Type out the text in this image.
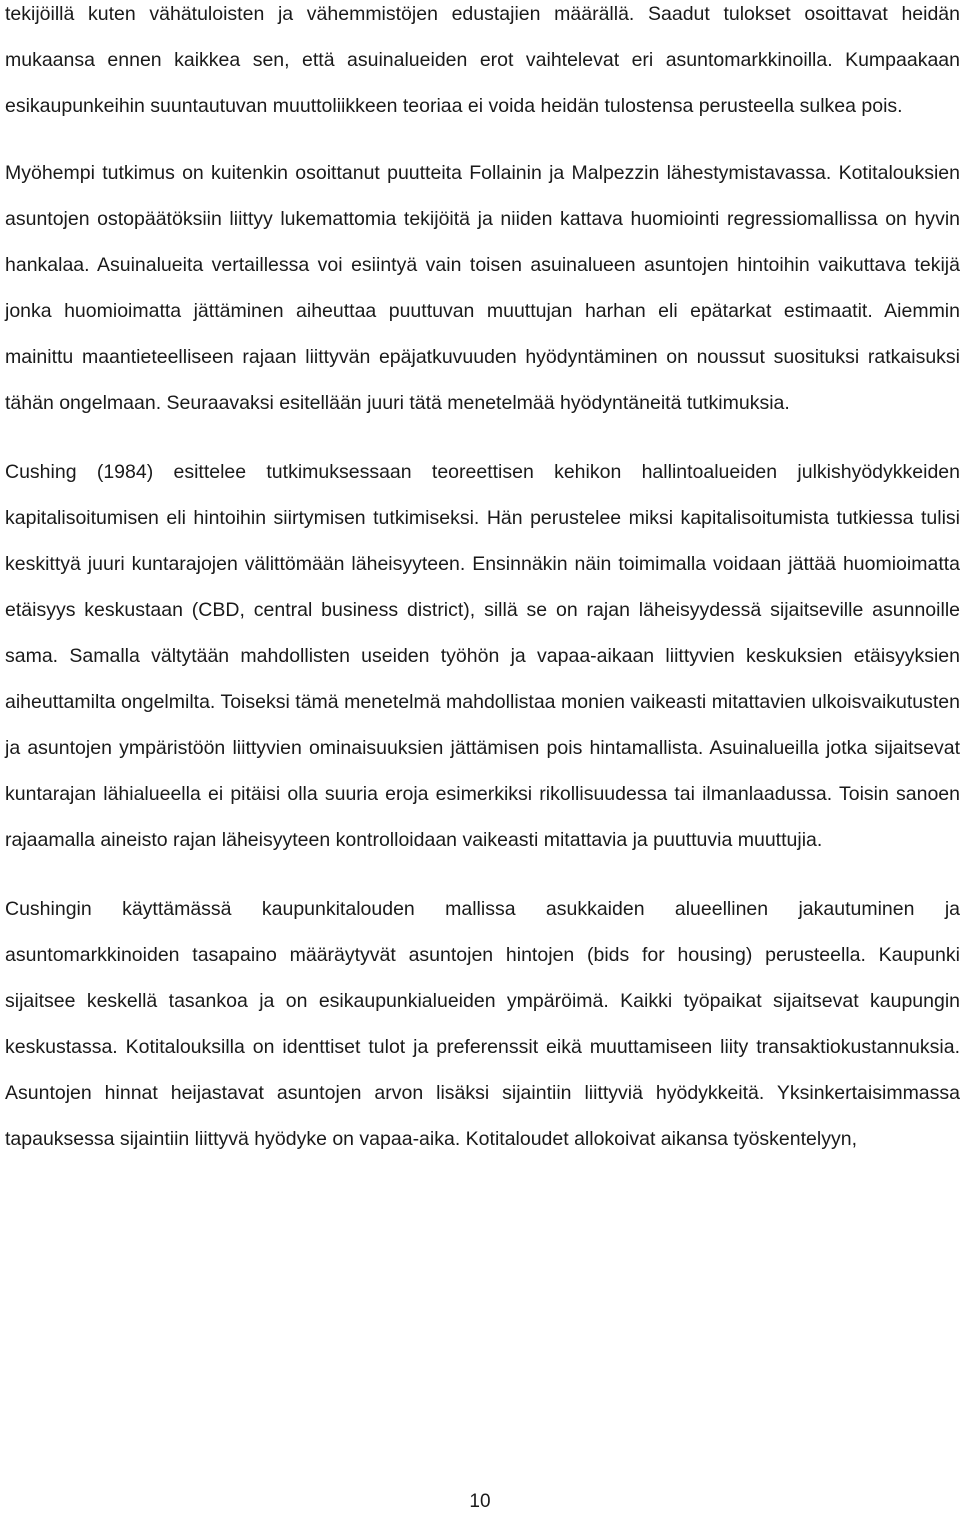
tekijöillä kuten vähätuloisten ja vähemmistöjen edustajien määrällä. Saadut tulokset osoittavat heidän mukaansa ennen kaikkea sen, että asuinalueiden erot vaihtelevat eri asuntomarkkinoilla. Kumpaakaan esikaupunkeihin suuntautuvan muuttoliikkeen teoriaa ei voida heidän tulostensa perusteella sulkea pois.

Myöhempi tutkimus on kuitenkin osoittanut puutteita Follainin ja Malpezzin lähestymistavassa. Kotitalouksien asuntojen ostopäätöksiin liittyy lukemattomia tekijöitä ja niiden kattava huomiointi regressiomallissa on hyvin hankalaa. Asuinalueita vertaillessa voi esiintyä vain toisen asuinalueen asuntojen hintoihin vaikuttava tekijä jonka huomioimatta jättäminen aiheuttaa puuttuvan muuttujan harhan eli epätarkat estimaatit. Aiemmin mainittu maantieteelliseen rajaan liittyvän epäjatkuvuuden hyödyntäminen on noussut suosituksi ratkaisuksi tähän ongelmaan. Seuraavaksi esitellään juuri tätä menetelmää hyödyntäneitä tutkimuksia.

Cushing (1984) esittelee tutkimuksessaan teoreettisen kehikon hallintoalueiden julkishyödykkeiden kapitalisoitumisen eli hintoihin siirtymisen tutkimiseksi. Hän perustelee miksi kapitalisoitumista tutkiessa tulisi keskittyä juuri kuntarajojen välittömään läheisyyteen. Ensinnäkin näin toimimalla voidaan jättää huomioimatta etäisyys keskustaan (CBD, central business district), sillä se on rajan läheisyydessä sijaitseville asunnoille sama. Samalla vältytään mahdollisten useiden työhön ja vapaa-aikaan liittyvien keskuksien etäisyyksien aiheuttamilta ongelmilta. Toiseksi tämä menetelmä mahdollistaa monien vaikeasti mitattavien ulkoisvaikutusten ja asuntojen ympäristöön liittyvien ominaisuuksien jättämisen pois hintamallista. Asuinalueilla jotka sijaitsevat kuntarajan lähialueella ei pitäisi olla suuria eroja esimerkiksi rikollisuudessa tai ilmanlaadussa. Toisin sanoen rajaamalla aineisto rajan läheisyyteen kontrolloidaan vaikeasti mitattavia ja puuttuvia muuttujia.

Cushingin käyttämässä kaupunkitalouden mallissa asukkaiden alueellinen jakautuminen ja asuntomarkkinoiden tasapaino määräytyvät asuntojen hintojen (bids for housing) perusteella. Kaupunki sijaitsee keskellä tasankoa ja on esikaupunkialueiden ympäröimä. Kaikki työpaikat sijaitsevat kaupungin keskustassa. Kotitalouksilla on identtiset tulot ja preferenssit eikä muuttamiseen liity transaktiokustannuksia. Asuntojen hinnat heijastavat asuntojen arvon lisäksi sijaintiin liittyviä hyödykkeitä. Yksinkertaisimmassa tapauksessa sijaintiin liittyvä hyödyke on vapaa-aika. Kotitaloudet allokoivat aikansa työskentelyyn,

10
